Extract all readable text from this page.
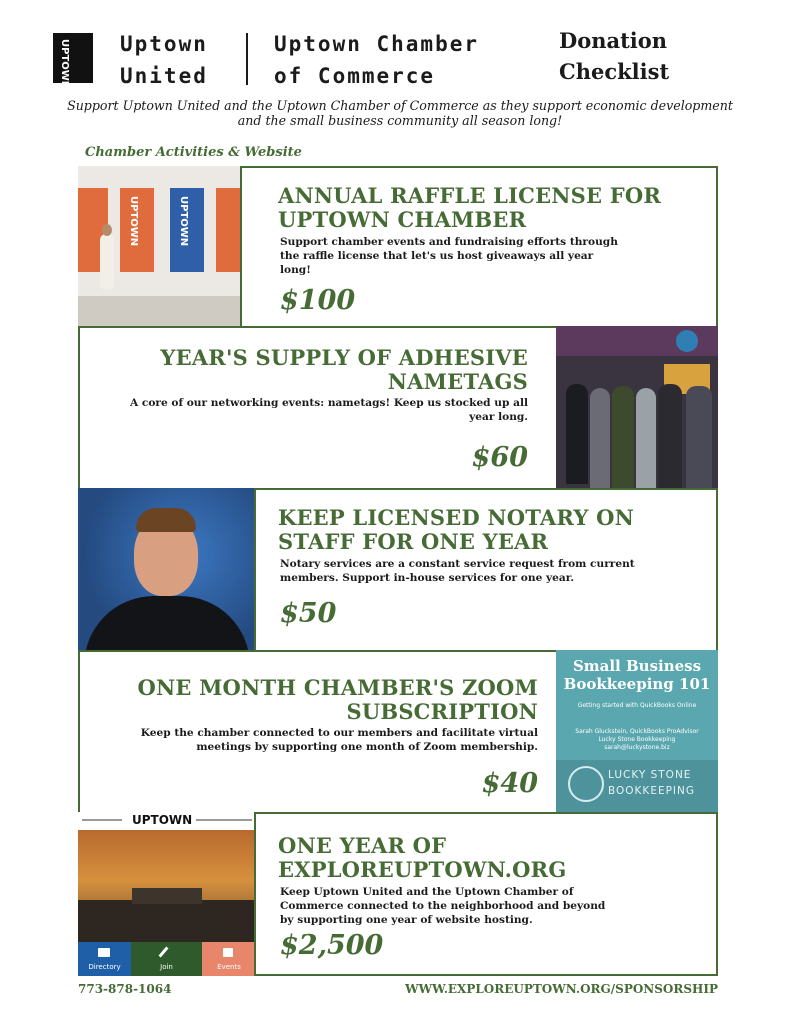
UPTOWN Uptown
United
Uptown Chamber
of Commerce
Donation
Checklist
Support Uptown United and the Uptown Chamber of Commerce as they support economic development and the small business community all season long!
Chamber Activities & Website
UPTOWN
UPTOWN
ANNUAL RAFFLE LICENSE FOR UPTOWN CHAMBER
Support chamber events and fundraising efforts through the raffle license that let's us host giveaways all year long!
$100
YEAR'S SUPPLY OF ADHESIVE NAMETAGS
A core of our networking events: nametags! Keep us stocked up all year long.
$60
KEEP LICENSED NOTARY ON STAFF FOR ONE YEAR
Notary services are a constant service request from current members. Support in-house services for one year.
$50
ONE MONTH CHAMBER'S ZOOM SUBSCRIPTION
Keep the chamber connected to our members and facilitate virtual meetings by supporting one month of Zoom membership.
$40
Small Business
Bookkeeping 101
Getting started with QuickBooks Online
Sarah Gluckstein, QuickBooks ProAdvisor
Lucky Stone Bookkeeping
sarah@luckystone.biz
LUCKY STONE
BOOKKEEPING
UPTOWN
Directory	Join	Events
ONE YEAR OF EXPLOREUPTOWN.ORG
Keep Uptown United and the Uptown Chamber of Commerce connected to the neighborhood and beyond by supporting one year of website hosting.
$2,500
773-878-1064	WWW.EXPLOREUPTOWN.ORG/SPONSORSHIP
